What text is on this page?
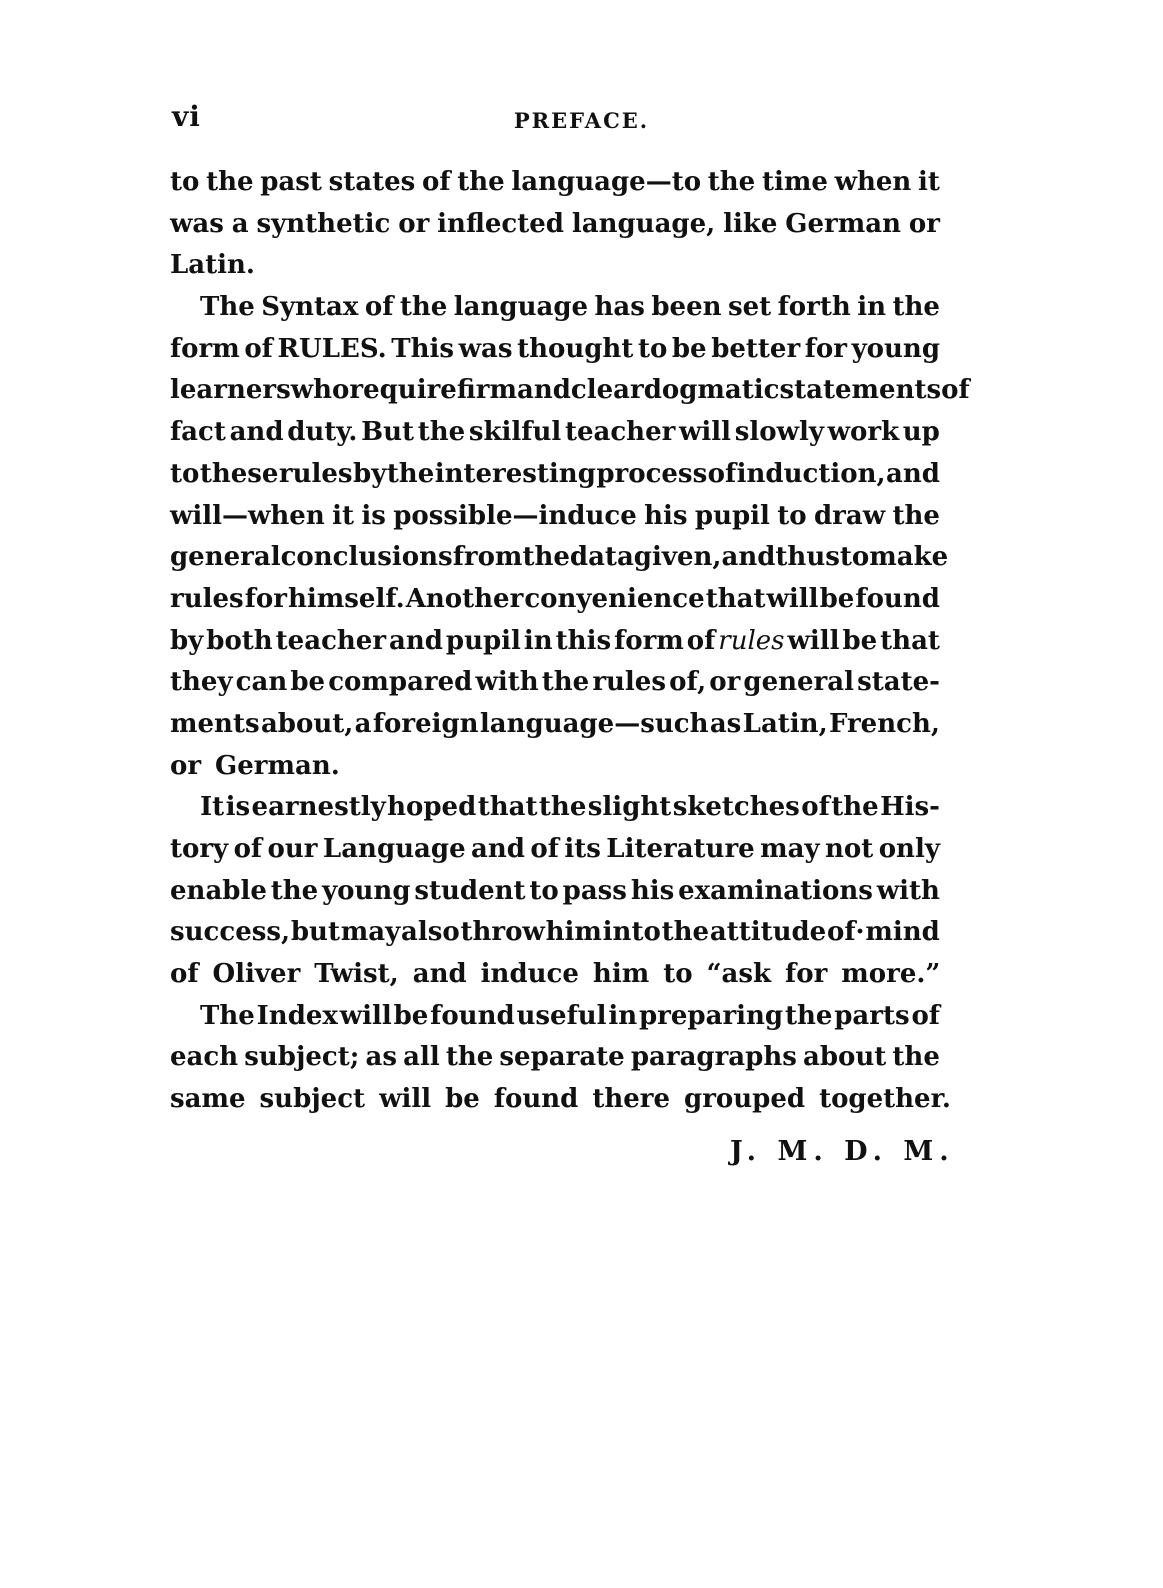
vi	PREFACE.
to the past states of the language—to the time when it
was a synthetic or inflected language, like German or
Latin.
The Syntax of the language has been set forth in the
form of RULES. This was thought to be better for young
learners who require firm and clear dogmatic statements of
fact and duty. But the skilful teacher will slowly work up
to these rules by the interesting process of induction, and
will—when it is possible—induce his pupil to draw the
general conclusions from the data given, and thus to make
rules for himself. Another conyenience that will be found
by both teacher and pupil in this form of rules will be that
they can be compared with the rules of, or general state-
ments about, a foreign language—such as Latin, French,
or German.
It is earnestly hoped that the slight sketches of the His-
tory of our Language and of its Literature may not only
enable the young student to pass his examinations with
success, but may also throw him into the attitude of· mind
of Oliver Twist, and induce him to “ask for more.”
The Index will be found useful in preparing the parts of
each subject; as all the separate paragraphs about the
same subject will be found there grouped together.
J. M. D. M.
